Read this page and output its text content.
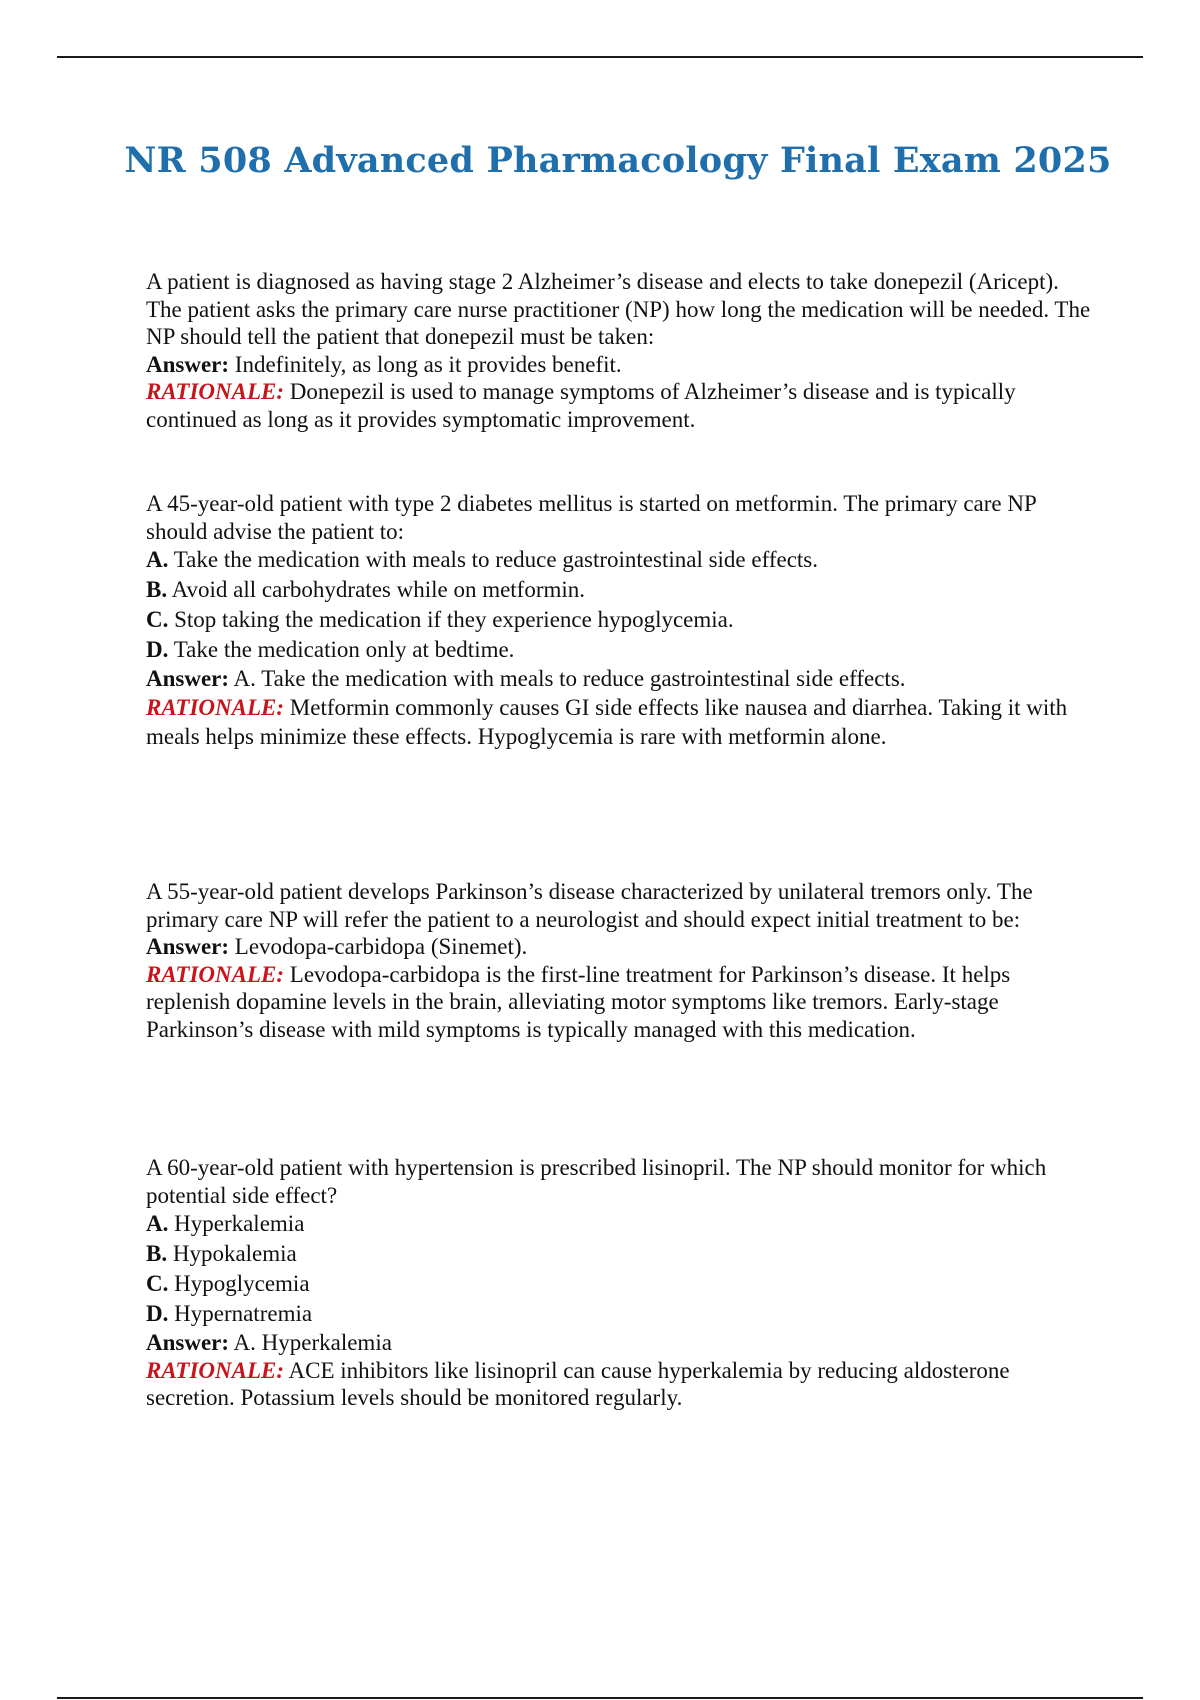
NR 508 Advanced Pharmacology Final Exam 2025

A patient is diagnosed as having stage 2 Alzheimer’s disease and elects to take donepezil (Aricept). The patient asks the primary care nurse practitioner (NP) how long the medication will be needed. The NP should tell the patient that donepezil must be taken:

Answer: Indefinitely, as long as it provides benefit.

RATIONALE: Donepezil is used to manage symptoms of Alzheimer’s disease and is typically continued as long as it provides symptomatic improvement.

A 45-year-old patient with type 2 diabetes mellitus is started on metformin. The primary care NP should advise the patient to:

A. Take the medication with meals to reduce gastrointestinal side effects.
B. Avoid all carbohydrates while on metformin.
C. Stop taking the medication if they experience hypoglycemia.
D. Take the medication only at bedtime.

Answer: A. Take the medication with meals to reduce gastrointestinal side effects.

RATIONALE: Metformin commonly causes GI side effects like nausea and diarrhea. Taking it with meals helps minimize these effects. Hypoglycemia is rare with metformin alone.

A 55-year-old patient develops Parkinson’s disease characterized by unilateral tremors only. The primary care NP will refer the patient to a neurologist and should expect initial treatment to be:

Answer: Levodopa-carbidopa (Sinemet).

RATIONALE: Levodopa-carbidopa is the first-line treatment for Parkinson’s disease. It helps replenish dopamine levels in the brain, alleviating motor symptoms like tremors. Early-stage Parkinson’s disease with mild symptoms is typically managed with this medication.

A 60-year-old patient with hypertension is prescribed lisinopril. The NP should monitor for which potential side effect?

A. Hyperkalemia
B. Hypokalemia
C. Hypoglycemia
D. Hypernatremia

Answer: A. Hyperkalemia

RATIONALE: ACE inhibitors like lisinopril can cause hyperkalemia by reducing aldosterone secretion. Potassium levels should be monitored regularly.
